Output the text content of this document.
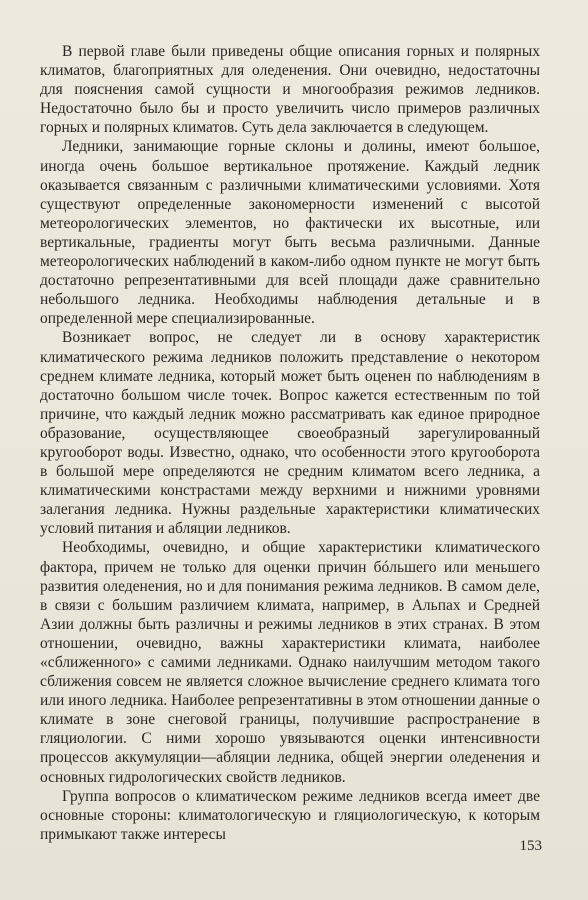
В первой главе были приведены общие описания горных и полярных климатов, благоприятных для оледенения. Они очевидно, недостаточны для пояснения самой сущности и многообразия режимов ледников. Недостаточно было бы и просто увеличить число примеров различных горных и полярных климатов. Суть дела заключается в следующем.

Ледники, занимающие горные склоны и долины, имеют большое, иногда очень большое вертикальное протяжение. Каждый ледник оказывается связанным с различными климатическими условиями. Хотя существуют определенные закономерности изменений с высотой метеорологических элементов, но фактически их высотные, или вертикальные, градиенты могут быть весьма различными. Данные метеорологических наблюдений в каком-либо одном пункте не могут быть достаточно репрезентативными для всей площади даже сравнительно небольшого ледника. Необходимы наблюдения детальные и в определенной мере специализированные.

Возникает вопрос, не следует ли в основу характеристик климатического режима ледников положить представление о некотором среднем климате ледника, который может быть оценен по наблюдениям в достаточно большом числе точек. Вопрос кажется естественным по той причине, что каждый ледник можно рассматривать как единое природное образование, осуществляющее своеобразный зарегулированный кругооборот воды. Известно, однако, что особенности этого кругооборота в большой мере определяются не средним климатом всего ледника, а климатическими констрастами между верхними и нижними уровнями залегания ледника. Нужны раздельные характеристики климатических условий питания и абляции ледников.

Необходимы, очевидно, и общие характеристики климатического фактора, причем не только для оценки причин бóльшего или меньшего развития оледенения, но и для понимания режима ледников. В самом деле, в связи с большим различием климата, например, в Альпах и Средней Азии должны быть различны и режимы ледников в этих странах. В этом отношении, очевидно, важны характеристики климата, наиболее «сближенного» с самими ледниками. Однако наилучшим методом такого сближения совсем не является сложное вычисление среднего климата того или иного ледника. Наиболее репрезентативны в этом отношении данные о климате в зоне снеговой границы, получившие распространение в гляциологии. С ними хорошо увязываются оценки интенсивности процессов аккумуляции—абляции ледника, общей энергии оледенения и основных гидрологических свойств ледников.

Группа вопросов о климатическом режиме ледников всегда имеет две основные стороны: климатологическую и гляциологическую, к которым примыкают также интересы

153
